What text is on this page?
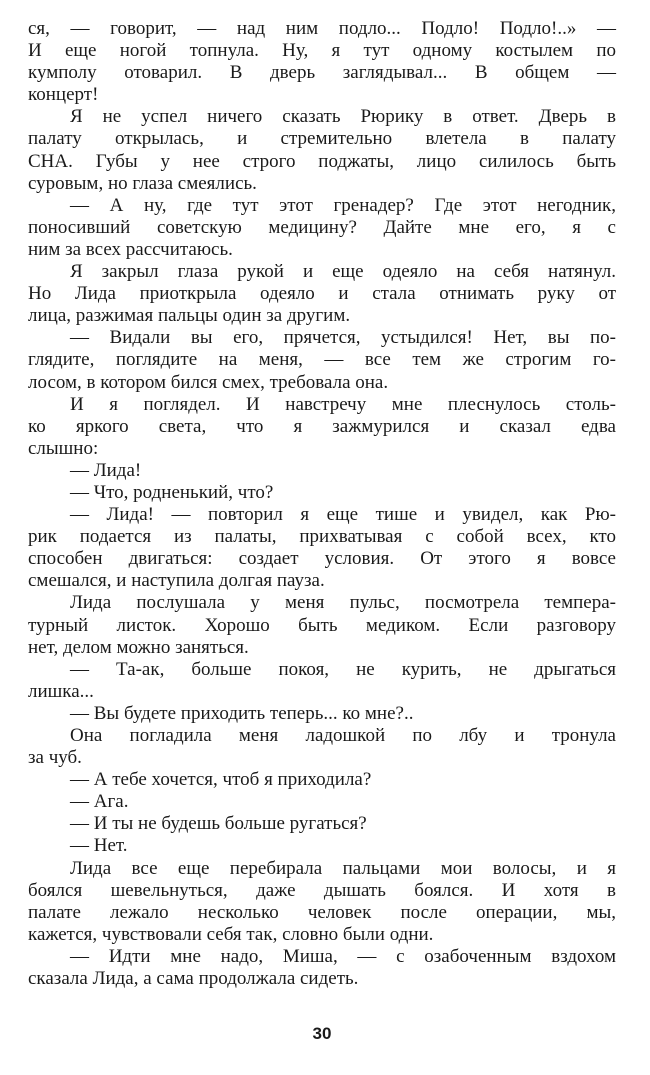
ся, — говорит, — над ним подло... Подло! Подло!..» —
И еще ногой топнула. Ну, я тут одному костылем по
кумполу отоварил. В дверь заглядывал... В общем —
концерт!
Я не успел ничего сказать Рюрику в ответ. Дверь в
палату открылась, и стремительно влетела в палату
СНА. Губы у нее строго поджаты, лицо силилось быть
суровым, но глаза смеялись.
— А ну, где тут этот гренадер? Где этот негодник,
поносивший советскую медицину? Дайте мне его, я с
ним за всех рассчитаюсь.
Я закрыл глаза рукой и еще одеяло на себя натянул.
Но Лида приоткрыла одеяло и стала отнимать руку от
лица, разжимая пальцы один за другим.
— Видали вы его, прячется, устыдился! Нет, вы по-
глядите, поглядите на меня, — все тем же строгим го-
лосом, в котором бился смех, требовала она.
И я поглядел. И навстречу мне плеснулось столь-
ко яркого света, что я зажмурился и сказал едва
слышно:
— Лида!
— Что, родненький, что?
— Лида! — повторил я еще тише и увидел, как Рю-
рик подается из палаты, прихватывая с собой всех, кто
способен двигаться: создает условия. От этого я вовсе
смешался, и наступила долгая пауза.
Лида послушала у меня пульс, посмотрела темпера-
турный листок. Хорошо быть медиком. Если разговору
нет, делом можно заняться.
— Та-ак, больше покоя, не курить, не дрыгаться
лишка...
— Вы будете приходить теперь... ко мне?..
Она погладила меня ладошкой по лбу и тронула
за чуб.
— А тебе хочется, чтоб я приходила?
— Ага.
— И ты не будешь больше ругаться?
— Нет.
Лида все еще перебирала пальцами мои волосы, и я
боялся шевельнуться, даже дышать боялся. И хотя в
палате лежало несколько человек после операции, мы,
кажется, чувствовали себя так, словно были одни.
— Идти мне надо, Миша, — с озабоченным вздохом
сказала Лида, а сама продолжала сидеть.
30
